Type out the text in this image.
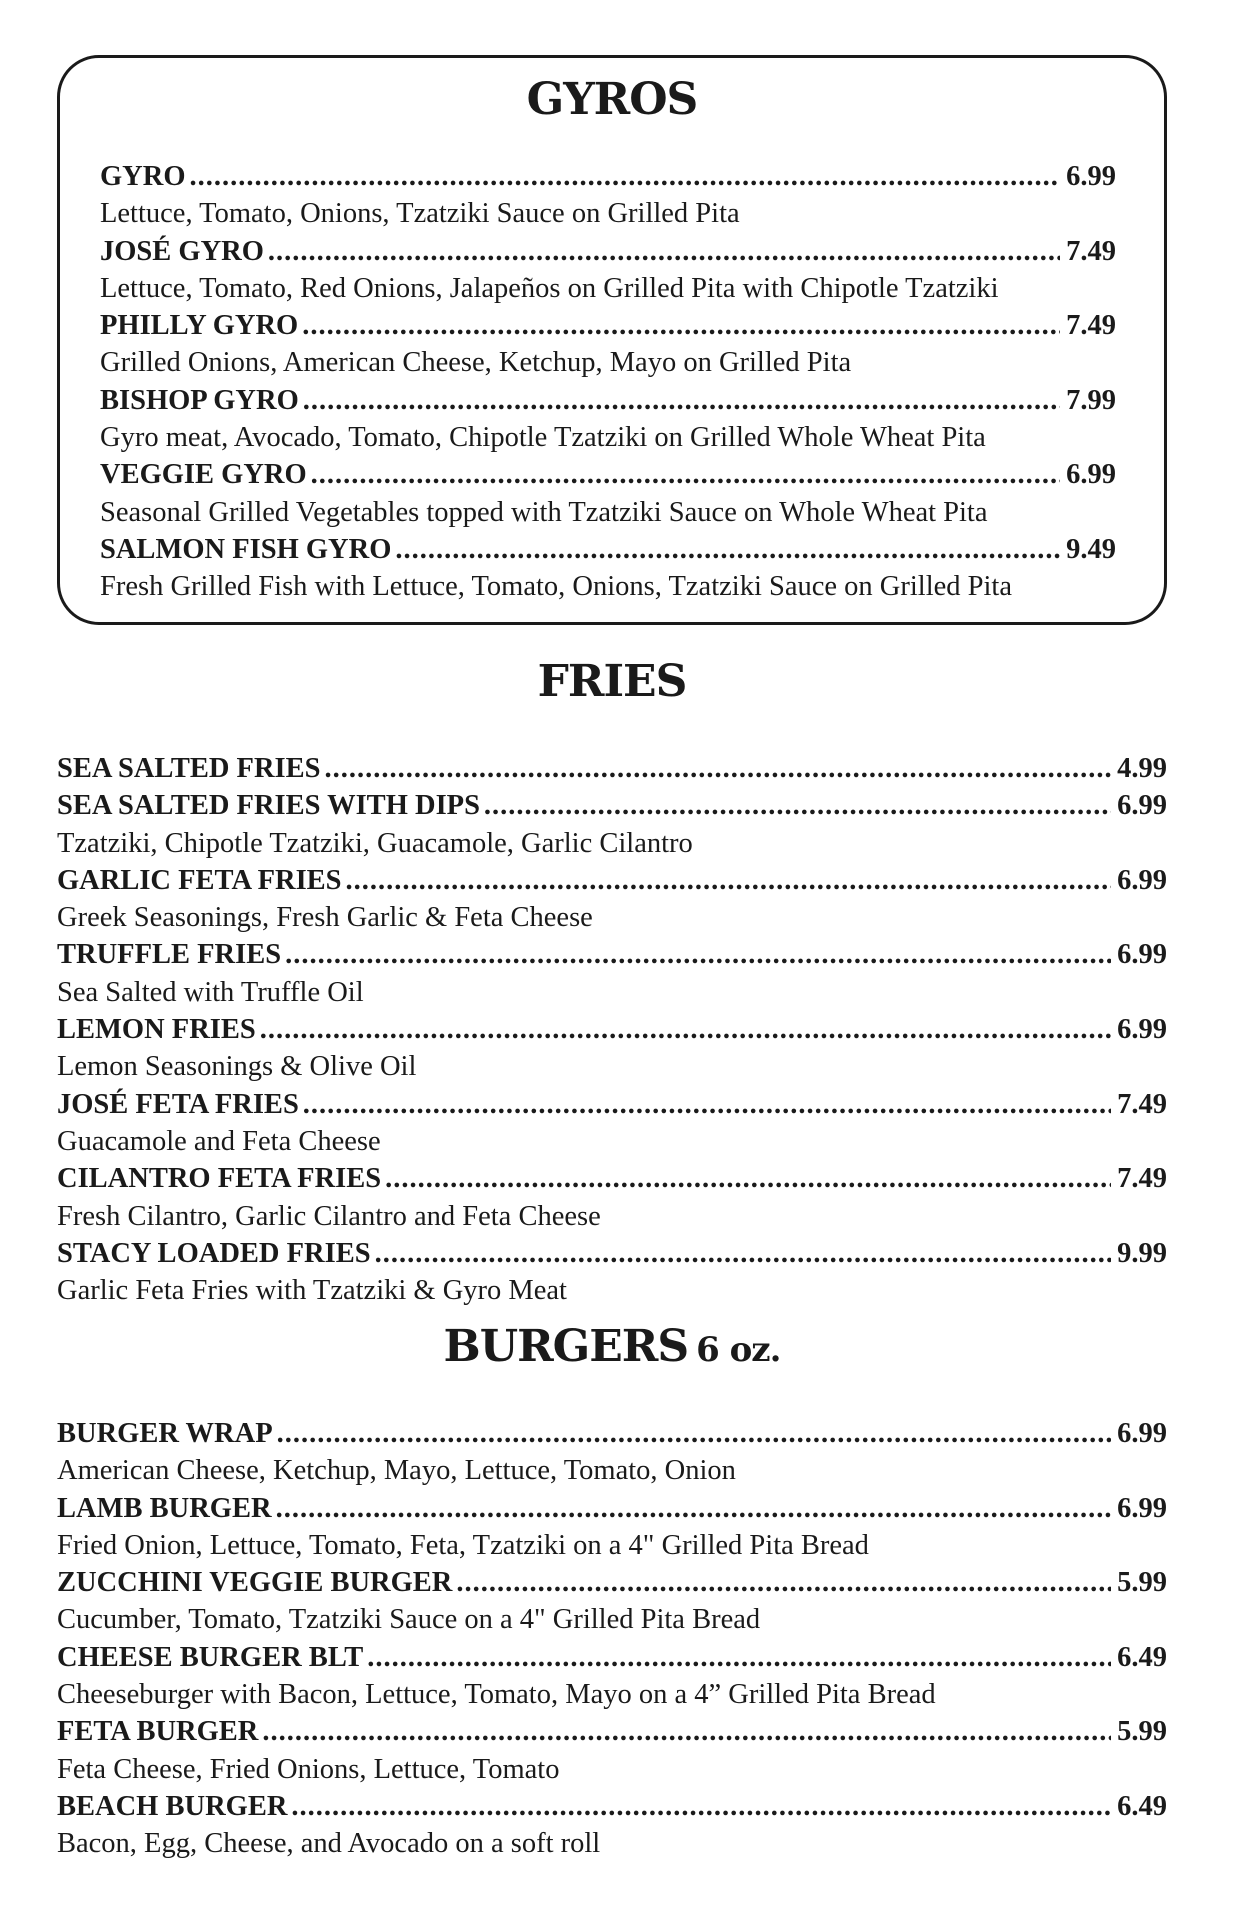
GYROS
GYRO .....	6.99
Lettuce, Tomato, Onions, Tzatziki Sauce on Grilled Pita
JOSÉ GYRO .....	7.49
Lettuce, Tomato, Red Onions, Jalapeños on Grilled Pita with Chipotle Tzatziki
PHILLY GYRO .....	7.49
Grilled Onions, American Cheese, Ketchup, Mayo on Grilled Pita
BISHOP GYRO .....	7.99
Gyro meat, Avocado, Tomato, Chipotle Tzatziki on Grilled Whole Wheat Pita
VEGGIE GYRO .....	6.99
Seasonal Grilled Vegetables topped with Tzatziki Sauce on Whole Wheat Pita
SALMON FISH GYRO .....	9.49
Fresh Grilled Fish with Lettuce, Tomato, Onions, Tzatziki Sauce on Grilled Pita
FRIES
SEA SALTED FRIES .....	4.99
SEA SALTED FRIES WITH DIPS .....	6.99
Tzatziki, Chipotle Tzatziki, Guacamole, Garlic Cilantro
GARLIC FETA FRIES .....	6.99
Greek Seasonings, Fresh Garlic & Feta Cheese
TRUFFLE FRIES .....	6.99
Sea Salted with Truffle Oil
LEMON FRIES .....	6.99
Lemon Seasonings & Olive Oil
JOSÉ FETA FRIES .....	7.49
Guacamole and Feta Cheese
CILANTRO FETA FRIES .....	7.49
Fresh Cilantro, Garlic Cilantro and Feta Cheese
STACY LOADED FRIES .....	9.99
Garlic Feta Fries with Tzatziki & Gyro Meat
BURGERS 6 oz.
BURGER WRAP .....	6.99
American Cheese, Ketchup, Mayo, Lettuce, Tomato, Onion
LAMB BURGER .....	6.99
Fried Onion, Lettuce, Tomato, Feta, Tzatziki on a 4" Grilled Pita Bread
ZUCCHINI VEGGIE BURGER .....	5.99
Cucumber, Tomato, Tzatziki Sauce on a 4" Grilled Pita Bread
CHEESE BURGER BLT .....	6.49
Cheeseburger with Bacon, Lettuce, Tomato, Mayo on a 4” Grilled Pita Bread
FETA BURGER .....	5.99
Feta Cheese, Fried Onions, Lettuce, Tomato
BEACH BURGER .....	6.49
Bacon, Egg, Cheese, and Avocado on a soft roll
